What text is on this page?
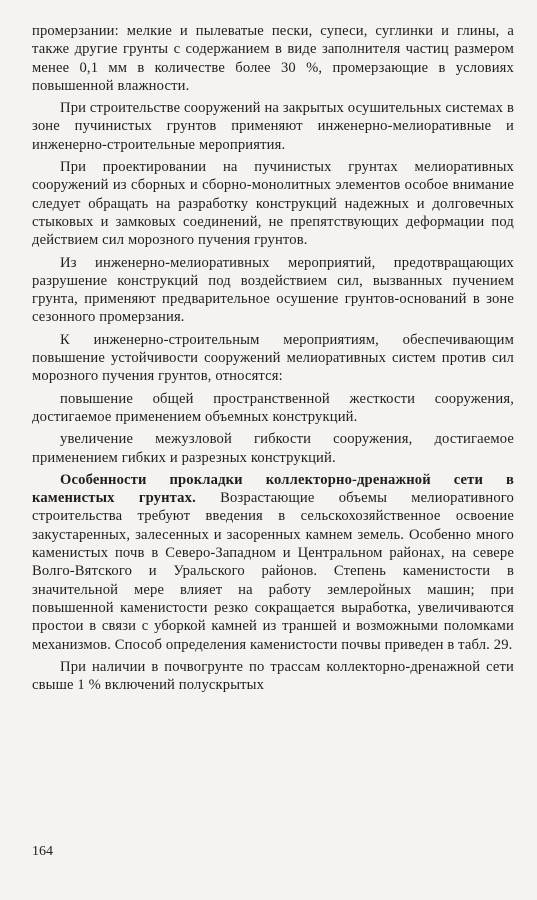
промерзании: мелкие и пылеватые пески, супеси, суглинки и глины, а также другие грунты с содержанием в виде заполнителя частиц размером менее 0,1 мм в количестве более 30 %, промерзающие в условиях повышенной влажности.

При строительстве сооружений на закрытых осушительных системах в зоне пучинистых грунтов применяют инженерно-мелиоративные и инженерно-строительные мероприятия.

При проектировании на пучинистых грунтах мелиоративных сооружений из сборных и сборно-монолитных элементов особое внимание следует обращать на разработку конструкций надежных и долговечных стыковых и замковых соединений, не препятствующих деформации под действием сил морозного пучения грунтов.

Из инженерно-мелиоративных мероприятий, предотвращающих разрушение конструкций под воздействием сил, вызванных пучением грунта, применяют предварительное осушение грунтов-оснований в зоне сезонного промерзания.

К инженерно-строительным мероприятиям, обеспечивающим повышение устойчивости сооружений мелиоративных систем против сил морозного пучения грунтов, относятся:

повышение общей пространственной жесткости сооружения, достигаемое применением объемных конструкций.

увеличение межузловой гибкости сооружения, достигаемое применением гибких и разрезных конструкций.

Особенности прокладки коллекторно-дренажной сети в каменистых грунтах. Возрастающие объемы мелиоративного строительства требуют введения в сельскохозяйственное освоение закустаренных, залесенных и засоренных камнем земель. Особенно много каменистых почв в Северо-Западном и Центральном районах, на севере Волго-Вятского и Уральского районов. Степень каменистости в значительной мере влияет на работу землеройных машин; при повышенной каменистости резко сокращается выработка, увеличиваются простои в связи с уборкой камней из траншей и возможными поломками механизмов. Способ определения каменистости почвы приведен в табл. 29.

При наличии в почвогрунте по трассам коллекторно-дренажной сети свыше 1 % включений полускрытых

164
